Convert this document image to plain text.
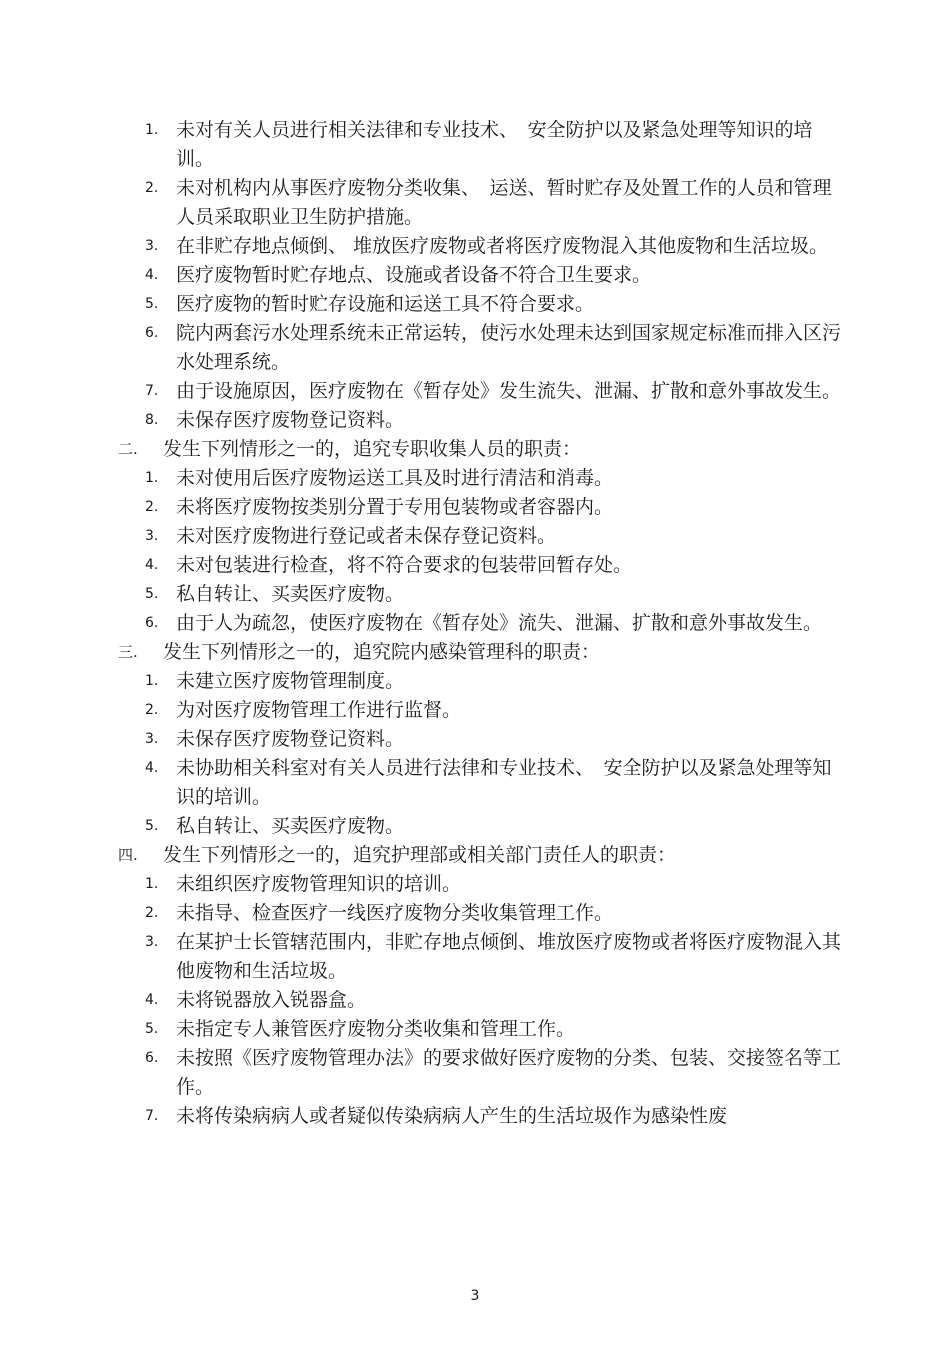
1. 未对有关人员进行相关法律和专业技术、　安全防护以及紧急处理等知识的培训。
2. 未对机构内从事医疗废物分类收集、　运送、暂时贮存及处置工作的人员和管理人员采取职业卫生防护措施。
3. 在非贮存地点倾倒、 堆放医疗废物或者将医疗废物混入其他废物和生活垃圾。
4. 医疗废物暂时贮存地点、设施或者设备不符合卫生要求。
5. 医疗废物的暂时贮存设施和运送工具不符合要求。
6. 院内两套污水处理系统未正常运转，使污水处理未达到国家规定标准而排入区污水处理系统。
7. 由于设施原因，医疗废物在《暂存处》发生流失、泄漏、扩散和意外事故发生。
8. 未保存医疗废物登记资料。
二. 发生下列情形之一的，追究专职收集人员的职责：
1. 未对使用后医疗废物运送工具及时进行清洁和消毒。
2. 未将医疗废物按类别分置于专用包装物或者容器内。
3. 未对医疗废物进行登记或者未保存登记资料。
4. 未对包装进行检查，将不符合要求的包装带回暂存处。
5. 私自转让、买卖医疗废物。
6. 由于人为疏忽，使医疗废物在《暂存处》流失、泄漏、扩散和意外事故发生。
三. 发生下列情形之一的，追究院内感染管理科的职责：
1. 未建立医疗废物管理制度。
2. 为对医疗废物管理工作进行监督。
3. 未保存医疗废物登记资料。
4. 未协助相关科室对有关人员进行法律和专业技术、　安全防护以及紧急处理等知识的培训。
5. 私自转让、买卖医疗废物。
四. 发生下列情形之一的，追究护理部或相关部门责任人的职责：
1. 未组织医疗废物管理知识的培训。
2. 未指导、检查医疗一线医疗废物分类收集管理工作。
3. 在某护士长管辖范围内，非贮存地点倾倒、堆放医疗废物或者将医疗废物混入其他废物和生活垃圾。
4. 未将锐器放入锐器盒。
5. 未指定专人兼管医疗废物分类收集和管理工作。
6. 未按照《医疗废物管理办法》的要求做好医疗废物的分类、包装、交接签名等工作。
7. 未将传染病病人或者疑似传染病病人产生的生活垃圾作为感染性废
3
